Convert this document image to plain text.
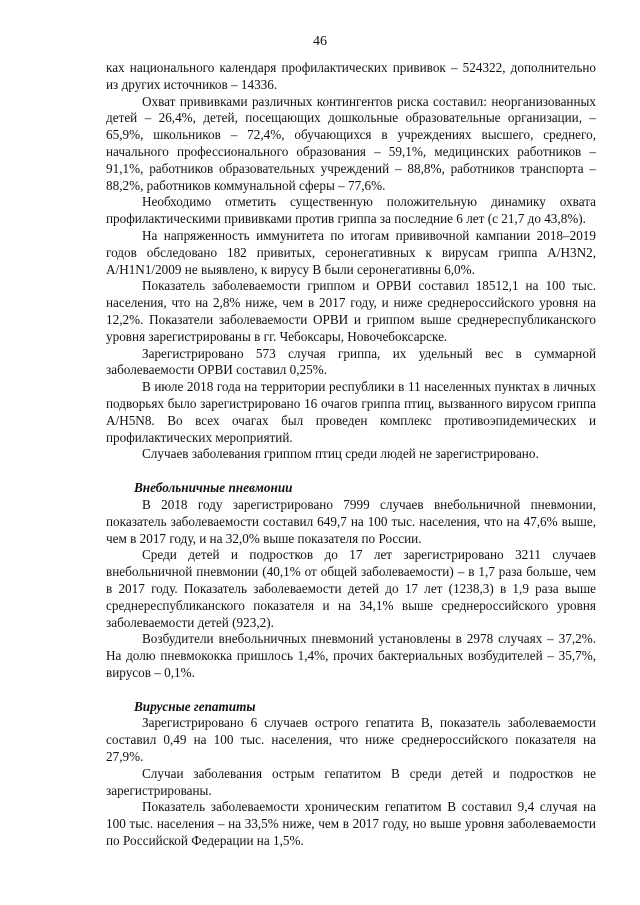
46

ках национального календаря профилактических прививок – 524322, дополнительно из других источников – 14336.

Охват прививками различных контингентов риска составил: неорганизованных детей – 26,4%, детей, посещающих дошкольные образовательные организации, – 65,9%, школьников – 72,4%, обучающихся в учреждениях высшего, среднего, начального профессионального образования – 59,1%, медицинских работников – 91,1%, работников образовательных учреждений – 88,8%, работников транспорта – 88,2%, работников коммунальной сферы – 77,6%.

Необходимо отметить существенную положительную динамику охвата профилактическими прививками против гриппа за последние 6 лет (с 21,7 до 43,8%).

На напряженность иммунитета по итогам прививочной кампании 2018–2019 годов обследовано 182 привитых, серонегативных к вирусам гриппа А/H3N2, А/H1N1/2009 не выявлено, к вирусу В были серонегативны 6,0%.

Показатель заболеваемости гриппом и ОРВИ составил 18512,1 на 100 тыс. населения, что на 2,8% ниже, чем в 2017 году, и ниже среднероссийского уровня на 12,2%. Показатели заболеваемости ОРВИ и гриппом выше среднереспубликанского уровня зарегистрированы в гг. Чебоксары, Новочебоксарске.

Зарегистрировано 573 случая гриппа, их удельный вес в суммарной заболеваемости ОРВИ составил 0,25%.

В июле 2018 года на территории республики в 11 населенных пунктах в личных подворьях было зарегистрировано 16 очагов гриппа птиц, вызванного вирусом гриппа А/H5N8. Во всех очагах был проведен комплекс противоэпидемических и профилактических мероприятий.

Случаев заболевания гриппом птиц среди людей не зарегистрировано.

Внебольничные пневмонии

В 2018 году зарегистрировано 7999 случаев внебольничной пневмонии, показатель заболеваемости составил 649,7 на 100 тыс. населения, что на 47,6% выше, чем в 2017 году, и на 32,0% выше показателя по России.

Среди детей и подростков до 17 лет зарегистрировано 3211 случаев внебольничной пневмонии (40,1% от общей заболеваемости) – в 1,7 раза больше, чем в 2017 году. Показатель заболеваемости детей до 17 лет (1238,3) в 1,9 раза выше среднереспубликанского показателя и на 34,1% выше среднероссийского уровня заболеваемости детей (923,2).

Возбудители внебольничных пневмоний установлены в 2978 случаях – 37,2%. На долю пневмококка пришлось 1,4%, прочих бактериальных возбудителей – 35,7%, вирусов – 0,1%.

Вирусные гепатиты

Зарегистрировано 6 случаев острого гепатита В, показатель заболеваемости составил 0,49 на 100 тыс. населения, что ниже среднероссийского показателя на 27,9%.

Случаи заболевания острым гепатитом В среди детей и подростков не зарегистрированы.

Показатель заболеваемости хроническим гепатитом В составил 9,4 случая на 100 тыс. населения – на 33,5% ниже, чем в 2017 году, но выше уровня заболеваемости по Российской Федерации на 1,5%.
